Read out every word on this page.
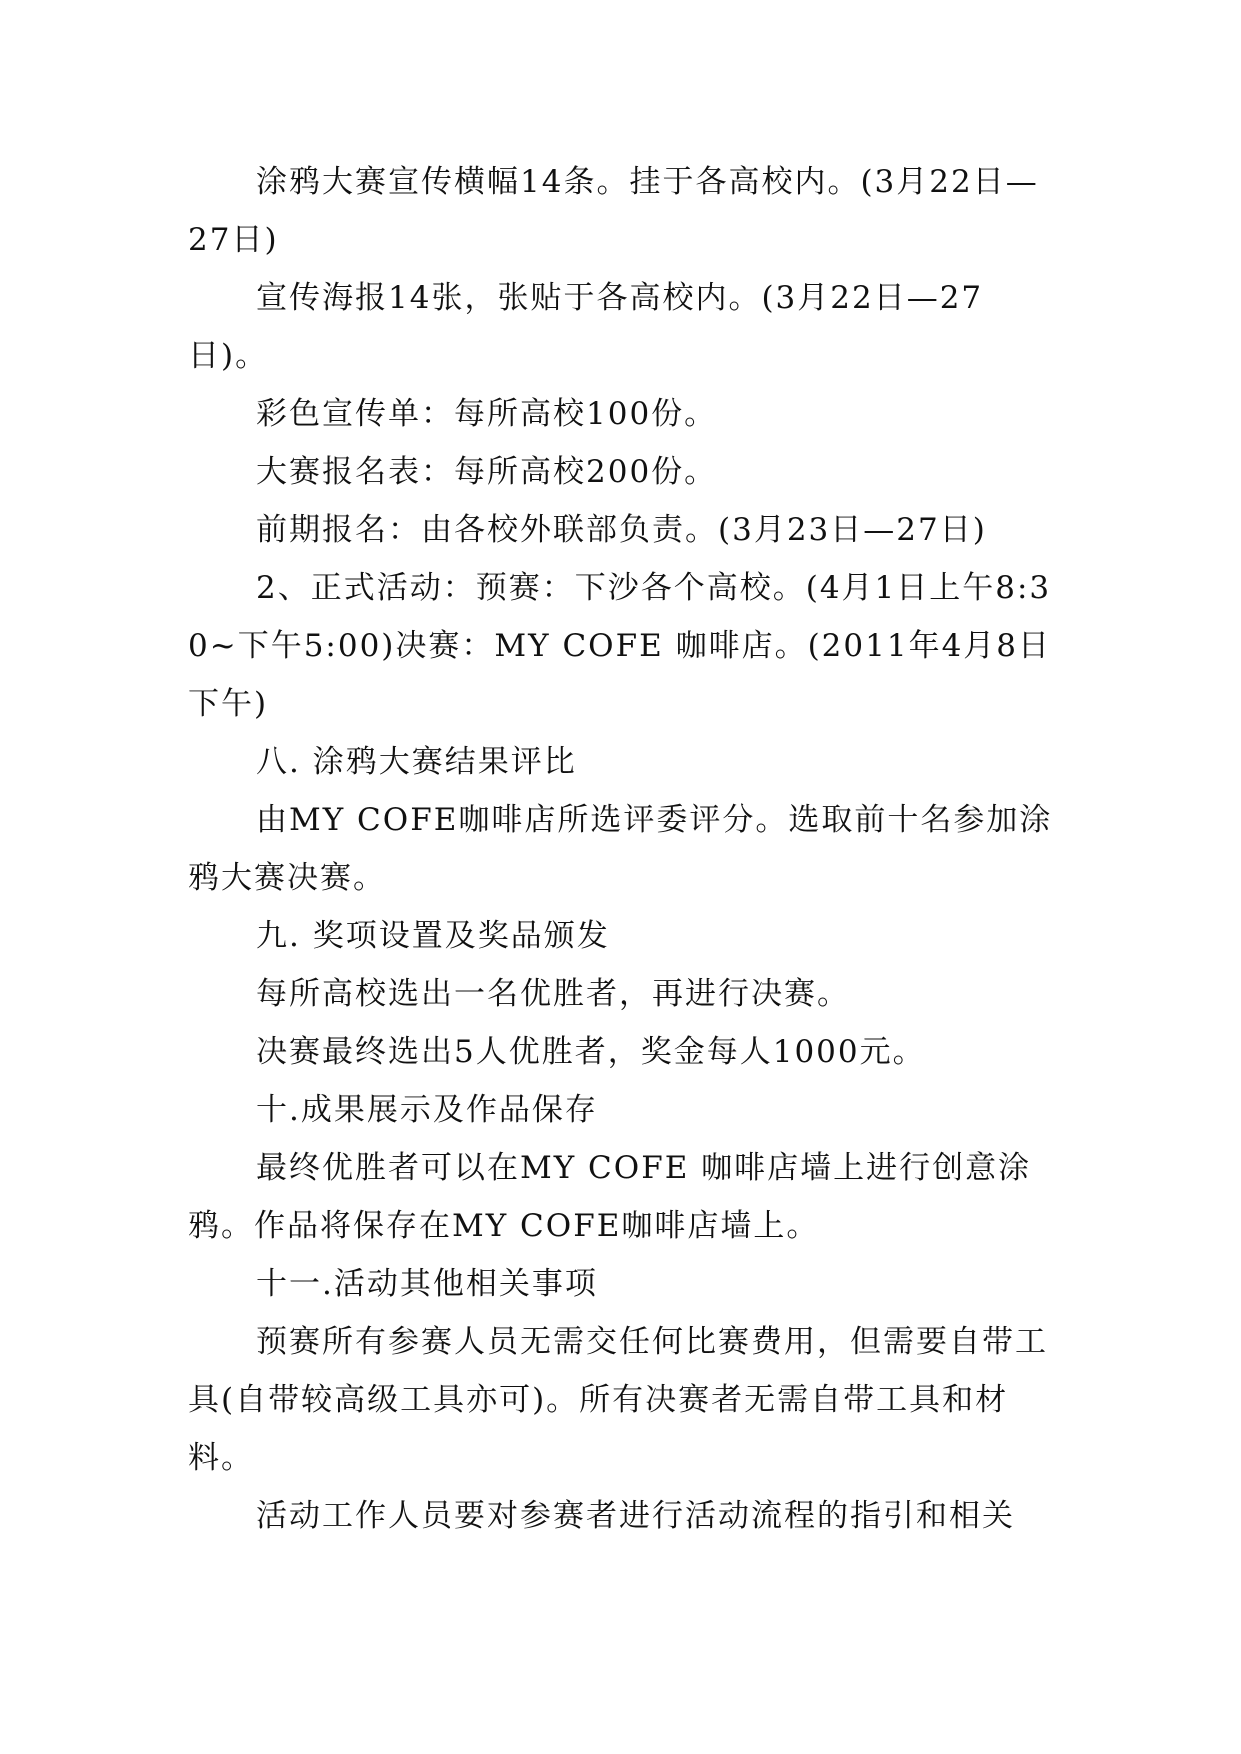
涂鸦大赛宣传横幅14条。挂于各高校内。(3月22日—27日)

宣传海报14张，张贴于各高校内。(3月22日—27日)。

彩色宣传单：每所高校100份。

大赛报名表：每所高校200份。

前期报名：由各校外联部负责。(3月23日—27日)

2、正式活动：预赛：下沙各个高校。(4月1日上午8:30~下午5:00)决赛：MY COFE 咖啡店。(2011年4月8日下午)

八. 涂鸦大赛结果评比

由MY COFE咖啡店所选评委评分。选取前十名参加涂鸦大赛决赛。

九. 奖项设置及奖品颁发

每所高校选出一名优胜者，再进行决赛。

决赛最终选出5人优胜者，奖金每人1000元。

十.成果展示及作品保存

最终优胜者可以在MY COFE 咖啡店墙上进行创意涂鸦。作品将保存在MY COFE咖啡店墙上。

十一.活动其他相关事项

预赛所有参赛人员无需交任何比赛费用，但需要自带工具(自带较高级工具亦可)。所有决赛者无需自带工具和材料。

活动工作人员要对参赛者进行活动流程的指引和相关
